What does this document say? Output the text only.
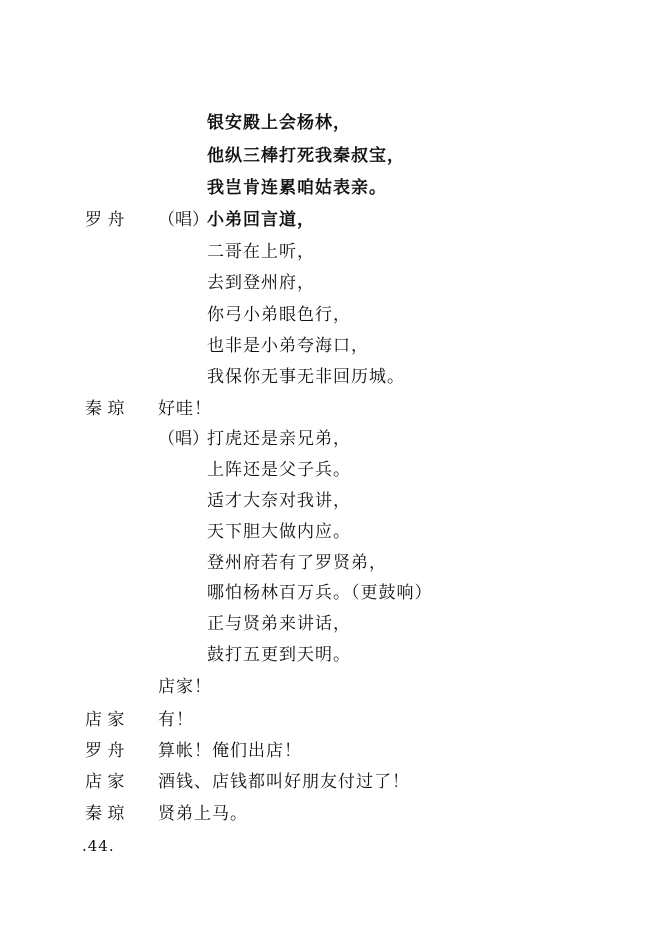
银安殿上会杨林，
他纵三棒打死我秦叔宝，
我岂肯连累咱姑表亲。
罗 舟 （唱）
小弟回言道，
二哥在上听，
去到登州府，
你弓小弟眼色行，
也非是小弟夸海口，
我保你无事无非回历城。
秦 琼 好哇！
（唱）
打虎还是亲兄弟，
上阵还是父子兵。
适才大奈对我讲，
天下胆大做内应。
登州府若有了罗贤弟，
哪怕杨林百万兵。（更鼓响）
正与贤弟来讲话，
鼓打五更到天明。
店家！
店 家 有！
罗 舟 算帐！俺们出店！
店 家 酒钱、店钱都叫好朋友付过了！
秦 琼 贤弟上马。
.44.
